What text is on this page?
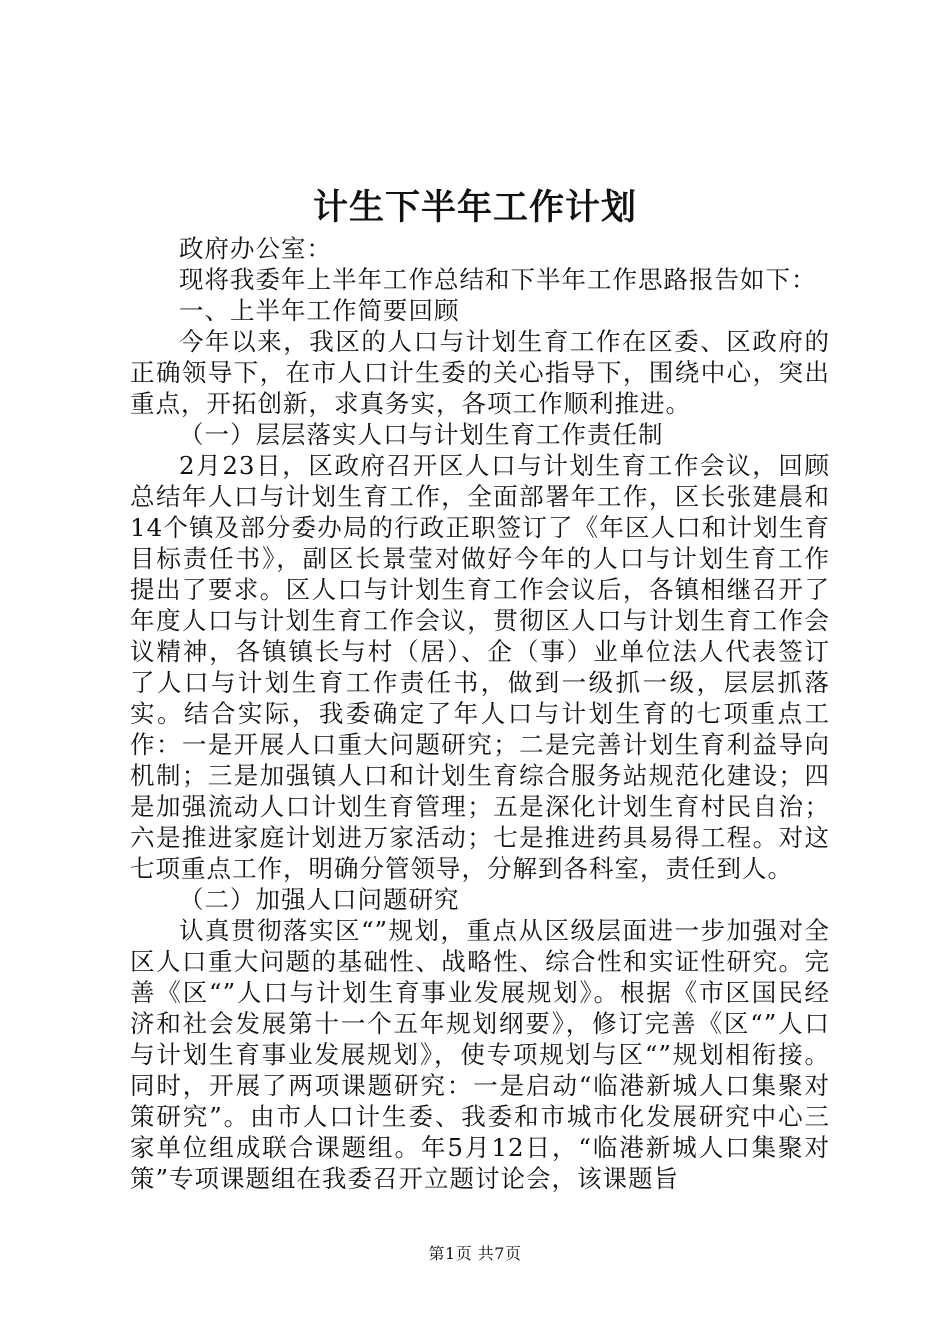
计生下半年工作计划

政府办公室：

现将我委年上半年工作总结和下半年工作思路报告如下：

一、上半年工作简要回顾

今年以来，我区的人口与计划生育工作在区委、区政府的正确领导下，在市人口计生委的关心指导下，围绕中心，突出重点，开拓创新，求真务实，各项工作顺利推进。

（一）层层落实人口与计划生育工作责任制

2月23日，区政府召开区人口与计划生育工作会议，回顾总结年人口与计划生育工作，全面部署年工作，区长张建晨和14个镇及部分委办局的行政正职签订了《年区人口和计划生育目标责任书》，副区长景莹对做好今年的人口与计划生育工作提出了要求。区人口与计划生育工作会议后，各镇相继召开了年度人口与计划生育工作会议，贯彻区人口与计划生育工作会议精神，各镇镇长与村（居）、企（事）业单位法人代表签订了人口与计划生育工作责任书，做到一级抓一级，层层抓落实。结合实际，我委确定了年人口与计划生育的七项重点工作：一是开展人口重大问题研究；二是完善计划生育利益导向机制；三是加强镇人口和计划生育综合服务站规范化建设；四是加强流动人口计划生育管理；五是深化计划生育村民自治；六是推进家庭计划进万家活动；七是推进药具易得工程。对这七项重点工作，明确分管领导，分解到各科室，责任到人。

（二）加强人口问题研究

认真贯彻落实区“”规划，重点从区级层面进一步加强对全区人口重大问题的基础性、战略性、综合性和实证性研究。完善《区“”人口与计划生育事业发展规划》。根据《市区国民经济和社会发展第十一个五年规划纲要》，修订完善《区“”人口与计划生育事业发展规划》，使专项规划与区“”规划相衔接。同时，开展了两项课题研究：一是启动“临港新城人口集聚对策研究”。由市人口计生委、我委和市城市化发展研究中心三家单位组成联合课题组。年5月12日，“临港新城人口集聚对策”专项课题组在我委召开立题讨论会，该课题旨

第1页 共7页
